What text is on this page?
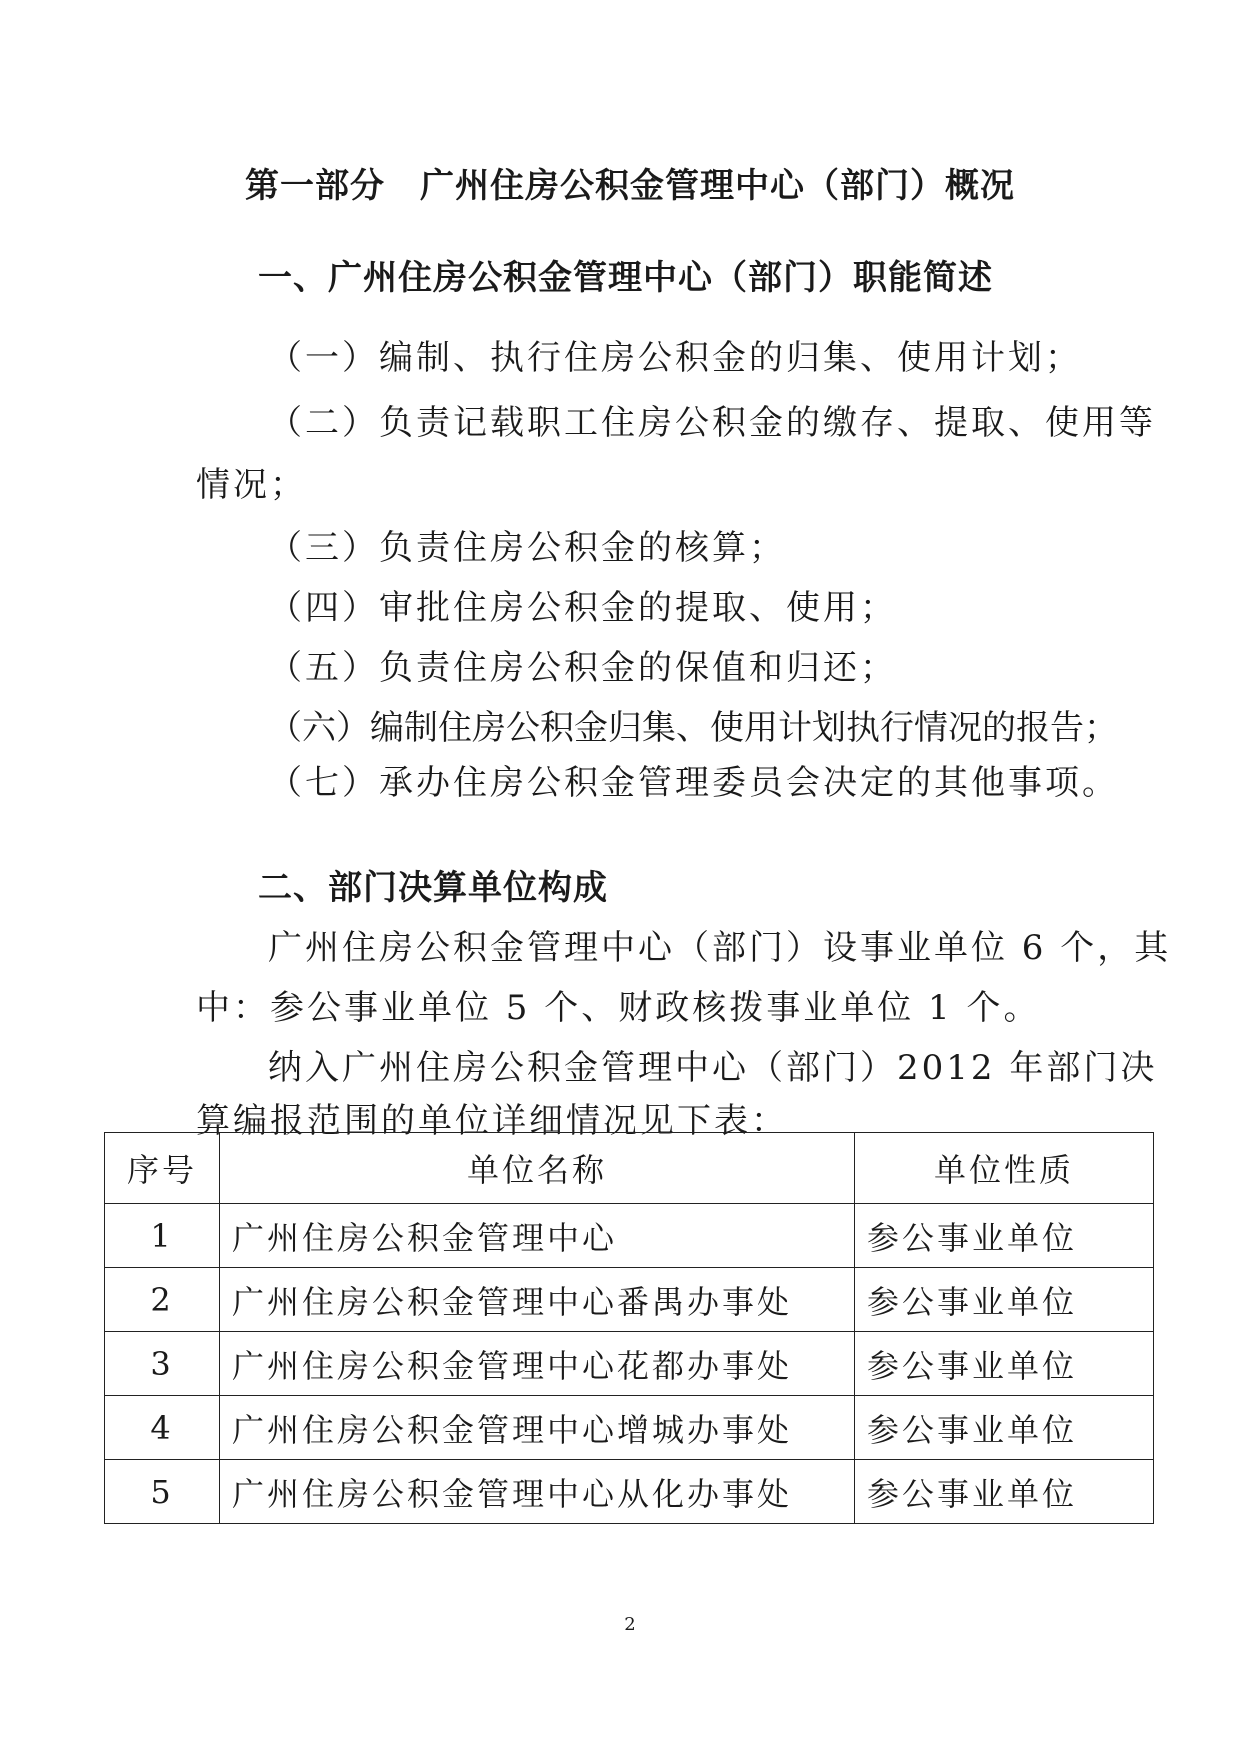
第一部分　广州住房公积金管理中心（部门）概况
一、广州住房公积金管理中心（部门）职能简述
（一）编制、执行住房公积金的归集、使用计划；
（二）负责记载职工住房公积金的缴存、提取、使用等
情况；
（三）负责住房公积金的核算；
（四）审批住房公积金的提取、使用；
（五）负责住房公积金的保值和归还；
（六）编制住房公积金归集、使用计划执行情况的报告；
（七）承办住房公积金管理委员会决定的其他事项。
二、部门决算单位构成
广州住房公积金管理中心（部门）设事业单位 6 个，其
中：参公事业单位 5 个、财政核拨事业单位 1 个。
纳入广州住房公积金管理中心（部门）2012 年部门决
算编报范围的单位详细情况见下表：
序号	单位名称	单位性质
1	广州住房公积金管理中心	参公事业单位
2	广州住房公积金管理中心番禺办事处	参公事业单位
3	广州住房公积金管理中心花都办事处	参公事业单位
4	广州住房公积金管理中心增城办事处	参公事业单位
5	广州住房公积金管理中心从化办事处	参公事业单位
2
